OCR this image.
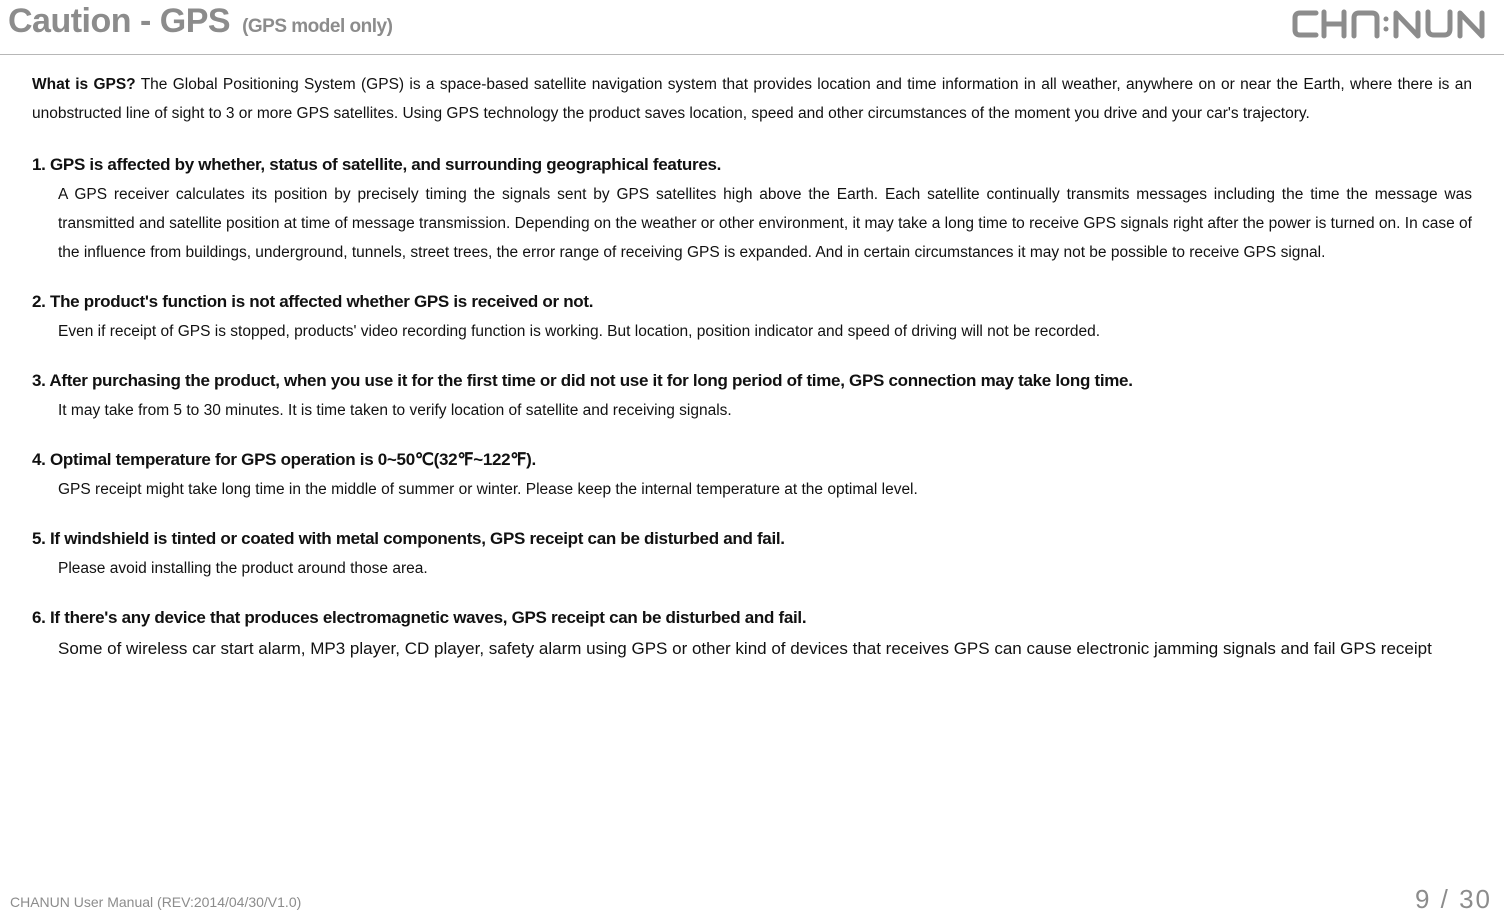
Caution - GPS (GPS model only)

What is GPS? The Global Positioning System (GPS) is a space-based satellite navigation system that provides location and time information in all weather, anywhere on or near the Earth, where there is an unobstructed line of sight to 3 or more GPS satellites. Using GPS technology the product saves location, speed and other circumstances of the moment you drive and your car's trajectory.

1. GPS is affected by whether, status of satellite, and surrounding geographical features.

A GPS receiver calculates its position by precisely timing the signals sent by GPS satellites high above the Earth. Each satellite continually transmits messages including the time the message was transmitted and satellite position at time of message transmission. Depending on the weather or other environment, it may take a long time to receive GPS signals right after the power is turned on. In case of the influence from buildings, underground, tunnels, street trees, the error range of receiving GPS is expanded. And in certain circumstances it may not be possible to receive GPS signal.

2. The product's function is not affected whether GPS is received or not.

Even if receipt of GPS is stopped, products' video recording function is working. But location, position indicator and speed of driving will not be recorded.

3. After purchasing the product, when you use it for the first time or did not use it for long period of time, GPS connection may take long time.

It may take from 5 to 30 minutes. It is time taken to verify location of satellite and receiving signals.

4. Optimal temperature for GPS operation is 0~50℃(32℉~122℉).

GPS receipt might take long time in the middle of summer or winter. Please keep the internal temperature at the optimal level.

5. If windshield is tinted or coated with metal components, GPS receipt can be disturbed and fail.

Please avoid installing the product around those area.

6. If there's any device that produces electromagnetic waves, GPS receipt can be disturbed and fail.

Some of wireless car start alarm, MP3 player, CD player, safety alarm using GPS or other kind of devices that receives GPS can cause electronic jamming signals and fail GPS receipt

CHANUN User Manual (REV:2014/04/30/V1.0)	9 / 30
